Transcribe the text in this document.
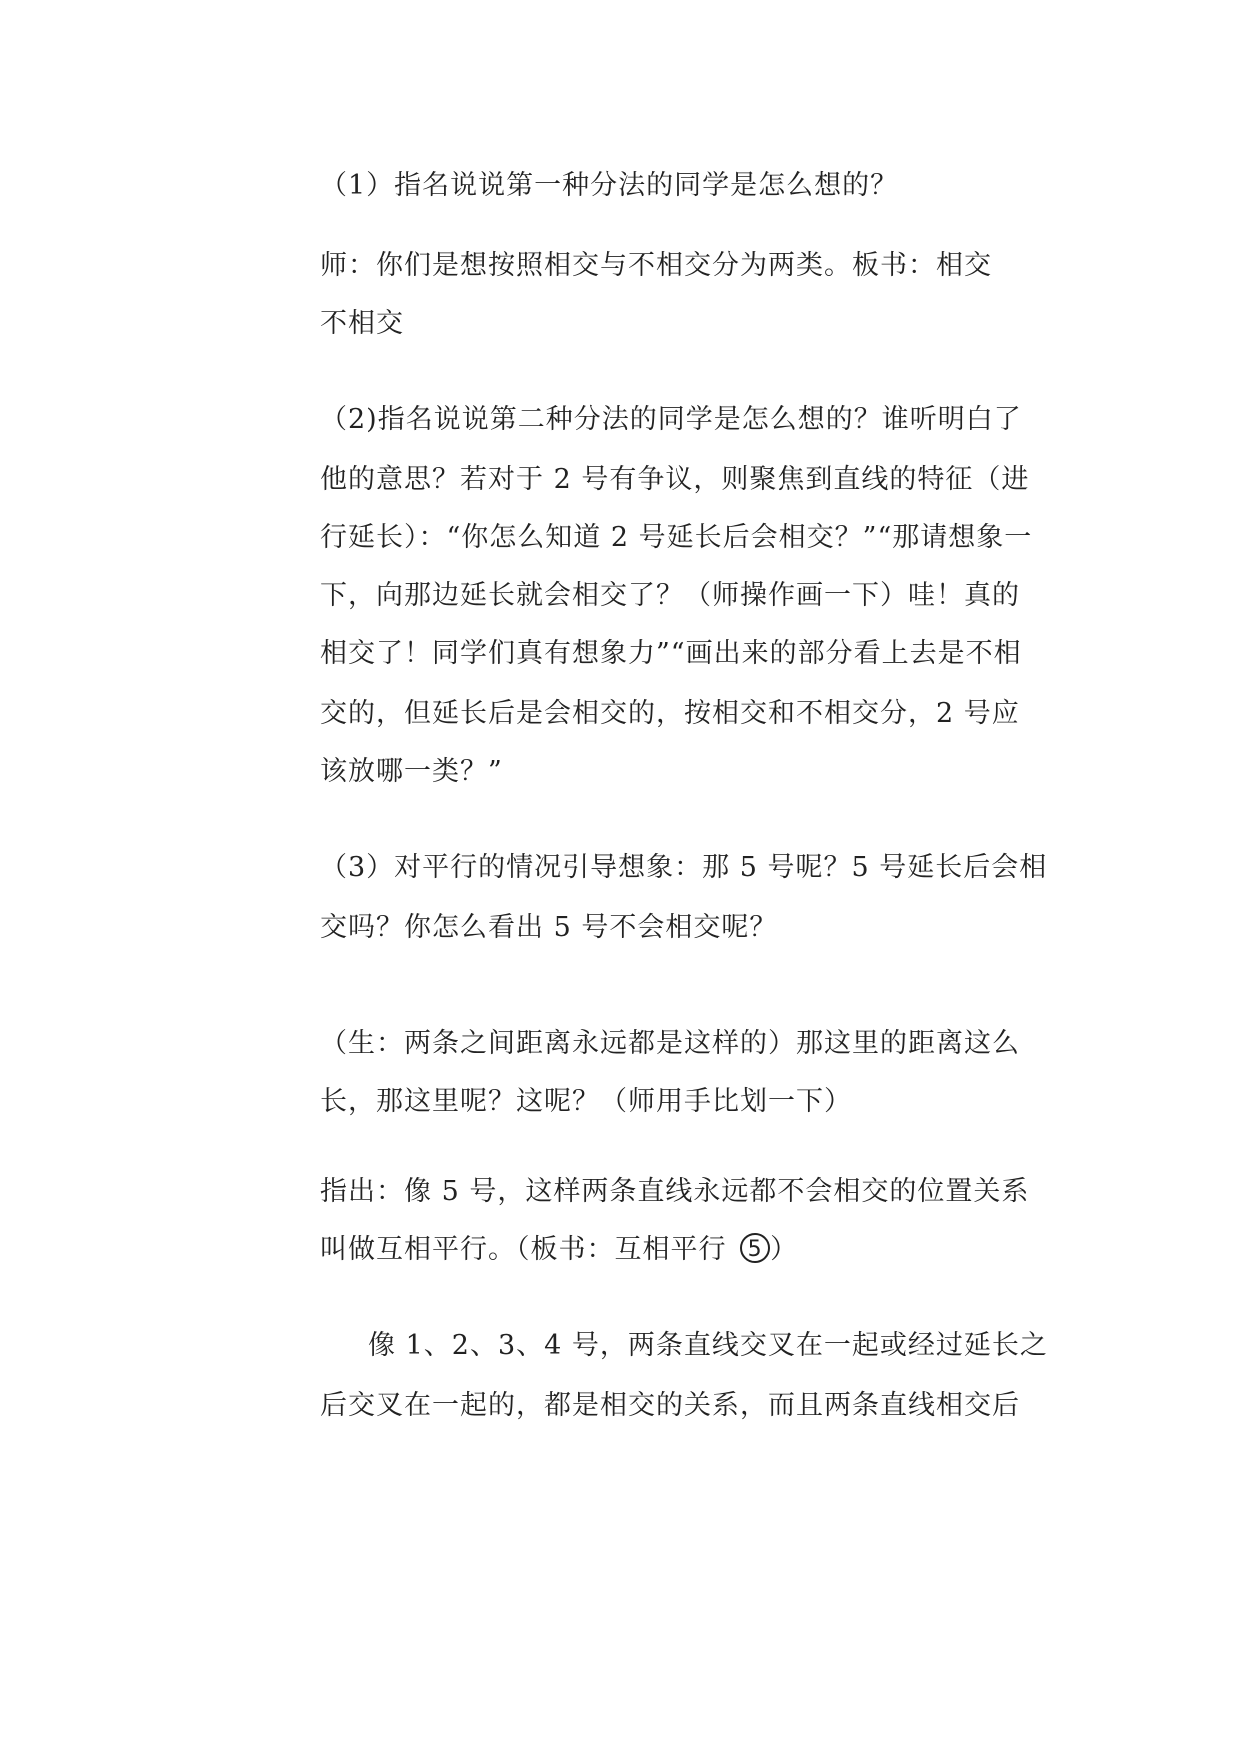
（1）指名说说第一种分法的同学是怎么想的？

师：你们是想按照相交与不相交分为两类。板书：相交

不相交

（2)指名说说第二种分法的同学是怎么想的？谁听明白了

他的意思？若对于 2 号有争议，则聚焦到直线的特征（进

行延长）：“你怎么知道 2 号延长后会相交？”“那请想象一

下，向那边延长就会相交了？（师操作画一下）哇！真的

相交了！同学们真有想象力”“画出来的部分看上去是不相

交的，但延长后是会相交的，按相交和不相交分，2 号应

该放哪一类？”

（3）对平行的情况引导想象：那 5 号呢？5 号延长后会相

交吗？你怎么看出 5 号不会相交呢？

（生：两条之间距离永远都是这样的）那这里的距离这么

长，那这里呢？这呢？（师用手比划一下）

指出：像 5 号，这样两条直线永远都不会相交的位置关系

叫做互相平行。（板书：互相平行 5 ）

像 1、2、3、4 号，两条直线交叉在一起或经过延长之

后交叉在一起的，都是相交的关系，而且两条直线相交后
